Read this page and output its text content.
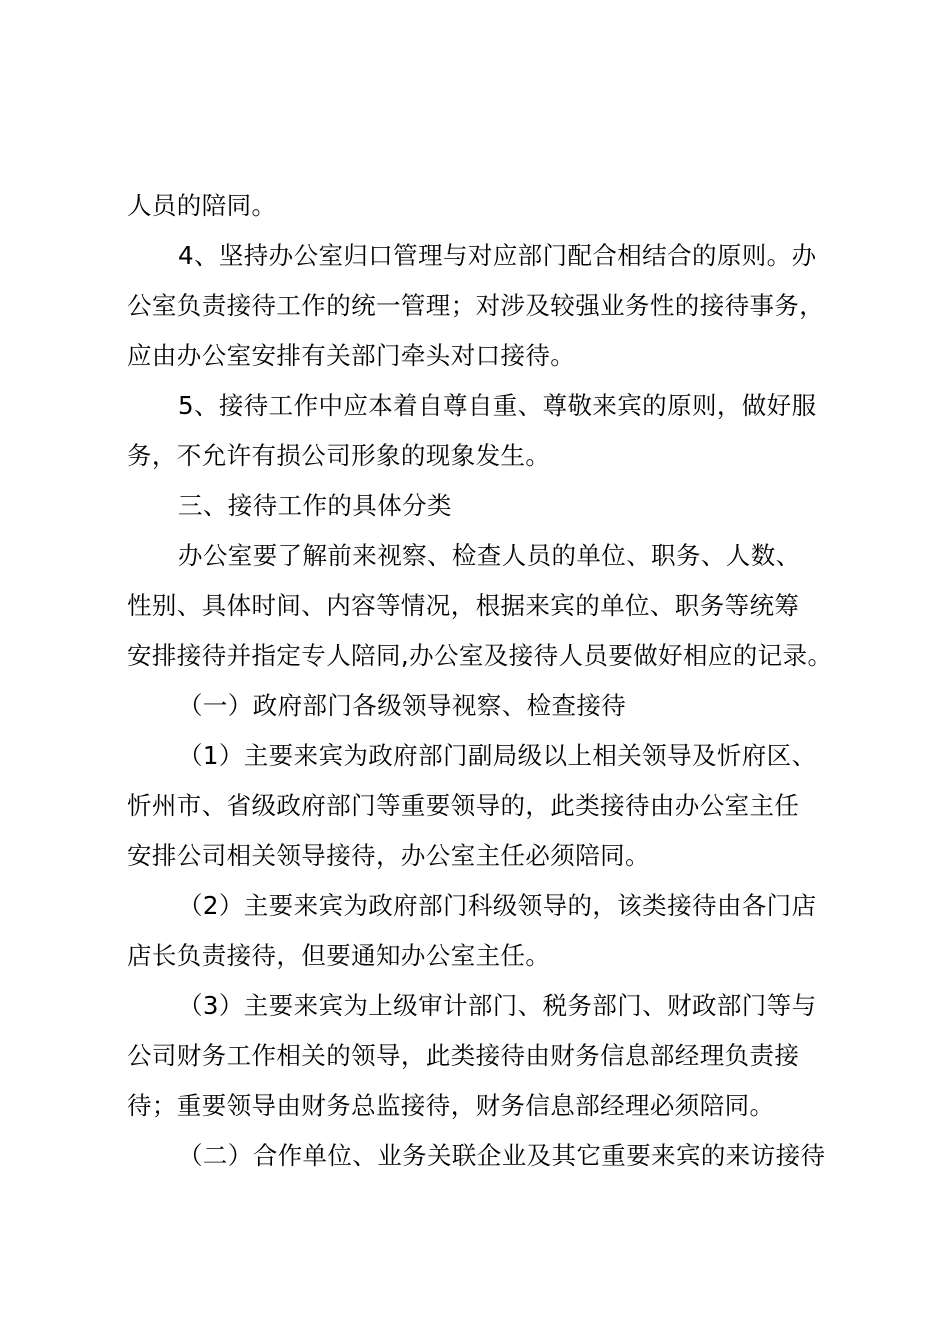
人员的陪同。
4、坚持办公室归口管理与对应部门配合相结合的原则。办
公室负责接待工作的统一管理；对涉及较强业务性的接待事务，
应由办公室安排有关部门牵头对口接待。
5、接待工作中应本着自尊自重、尊敬来宾的原则，做好服
务，不允许有损公司形象的现象发生。
三、接待工作的具体分类
办公室要了解前来视察、检查人员的单位、职务、人数、
性别、具体时间、内容等情况，根据来宾的单位、职务等统筹
安排接待并指定专人陪同,办公室及接待人员要做好相应的记录。
（一）政府部门各级领导视察、检查接待
（1）主要来宾为政府部门副局级以上相关领导及忻府区、
忻州市、省级政府部门等重要领导的，此类接待由办公室主任
安排公司相关领导接待，办公室主任必须陪同。
（2）主要来宾为政府部门科级领导的，该类接待由各门店
店长负责接待，但要通知办公室主任。
（3）主要来宾为上级审计部门、税务部门、财政部门等与
公司财务工作相关的领导，此类接待由财务信息部经理负责接
待；重要领导由财务总监接待，财务信息部经理必须陪同。
（二）合作单位、业务关联企业及其它重要来宾的来访接待
